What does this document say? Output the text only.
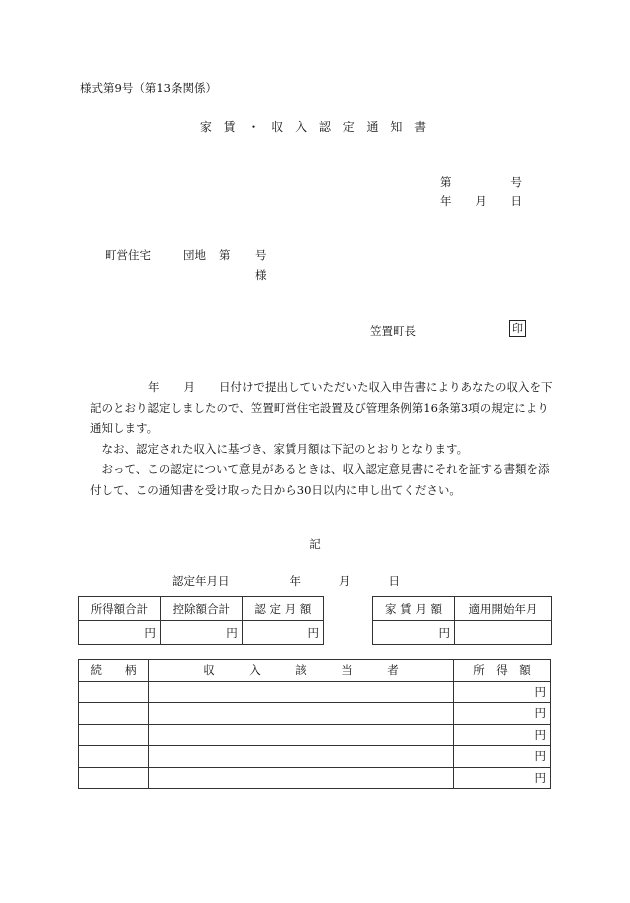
様式第9号（第13条関係）
家 賃 ・ 収 入 認 定 通 知 書
第	号
年 月 日
町営住宅	団地 第 号
様
笠置町長	印

年 月 日付けで提出していただいた収入申告書によりあなたの収入を下記のとおり認定しましたので、笠置町営住宅設置及び管理条例第16条第3項の規定により通知します。

なお、認定された収入に基づき、家賃月額は下記のとおりとなります。

おって、この認定について意見があるときは、収入認定意見書にそれを証する書類を添付して、この通知書を受け取った日から30日以内に申し出てください。

記
認定年月日	年	月	日
所得額合計	控除額合計	認 定 月 額
円	円	円
家 賃 月 額	適用開始年月
円	
続　　柄	収　　　入　　　該　　　当　　　者	所　得　額
		円
		円
		円
		円
		円
